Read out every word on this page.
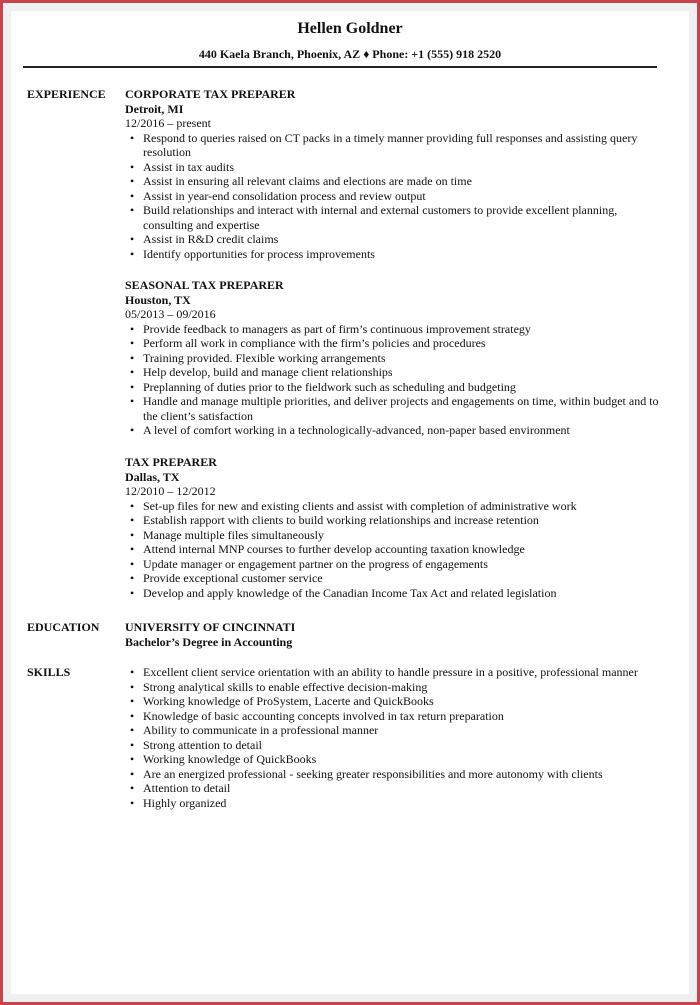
Hellen Goldner
440 Kaela Branch, Phoenix, AZ ♦ Phone: +1 (555) 918 2520
EXPERIENCE CORPORATE TAX PREPARER
Detroit, MI
12/2016 – present
• Respond to queries raised on CT packs in a timely manner providing full responses and assisting query resolution
• Assist in tax audits
• Assist in ensuring all relevant claims and elections are made on time
• Assist in year-end consolidation process and review output
• Build relationships and interact with internal and external customers to provide excellent planning, consulting and expertise
• Assist in R&D credit claims
• Identify opportunities for process improvements
SEASONAL TAX PREPARER
Houston, TX
05/2013 – 09/2016
• Provide feedback to managers as part of firm’s continuous improvement strategy
• Perform all work in compliance with the firm’s policies and procedures
• Training provided. Flexible working arrangements
• Help develop, build and manage client relationships
• Preplanning of duties prior to the fieldwork such as scheduling and budgeting
• Handle and manage multiple priorities, and deliver projects and engagements on time, within budget and to the client’s satisfaction
• A level of comfort working in a technologically-advanced, non-paper based environment
TAX PREPARER
Dallas, TX
12/2010 – 12/2012
• Set-up files for new and existing clients and assist with completion of administrative work
• Establish rapport with clients to build working relationships and increase retention
• Manage multiple files simultaneously
• Attend internal MNP courses to further develop accounting taxation knowledge
• Update manager or engagement partner on the progress of engagements
• Provide exceptional customer service
• Develop and apply knowledge of the Canadian Income Tax Act and related legislation
EDUCATION UNIVERSITY OF CINCINNATI
Bachelor’s Degree in Accounting
SKILLS
•	Excellent client service orientation with an ability to handle pressure in a positive, professional manner
• Strong analytical skills to enable effective decision-making
• Working knowledge of ProSystem, Lacerte and QuickBooks
• Knowledge of basic accounting concepts involved in tax return preparation
• Ability to communicate in a professional manner
• Strong attention to detail
• Working knowledge of QuickBooks
• Are an energized professional - seeking greater responsibilities and more autonomy with clients
• Attention to detail
• Highly organized
